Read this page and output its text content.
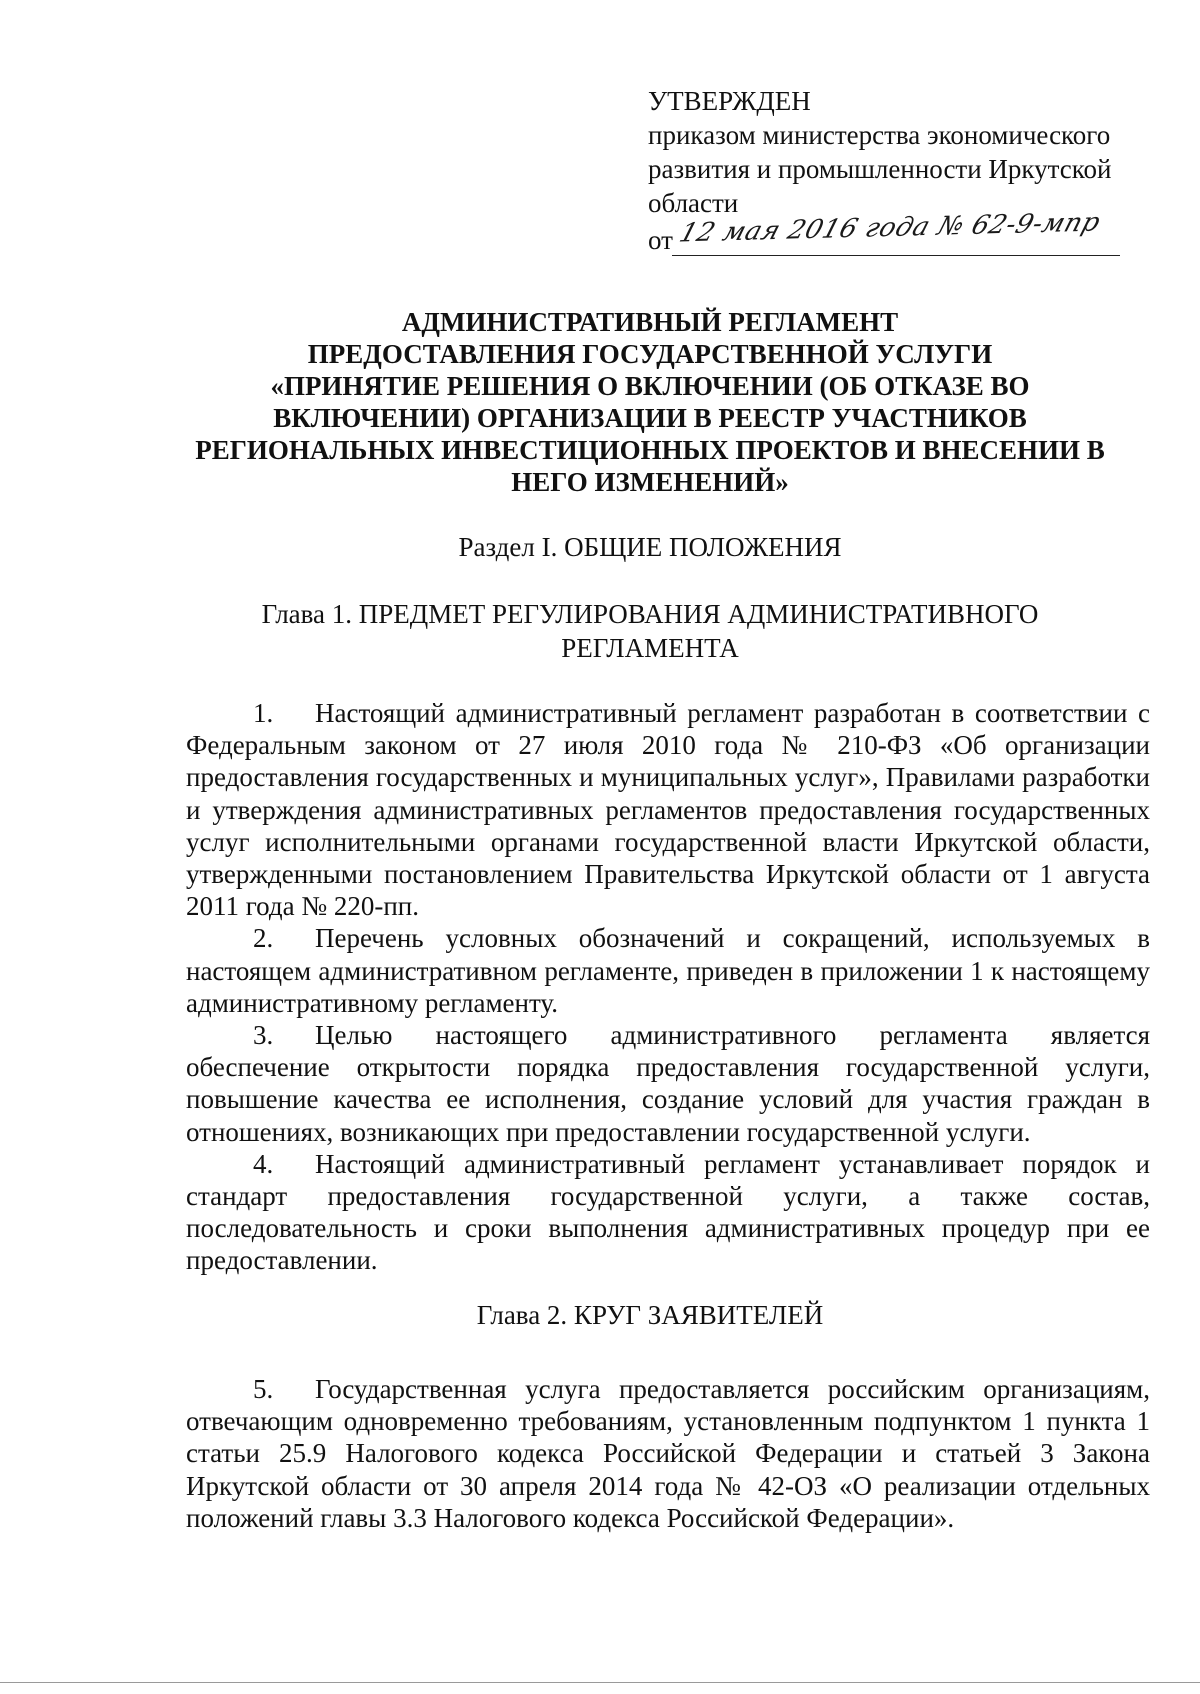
УТВЕРЖДЕН
приказом министерства экономического
развития и промышленности Иркутской
области
от 12 мая 2016 года № 62-9-мпр
АДМИНИСТРАТИВНЫЙ РЕГЛАМЕНТ
ПРЕДОСТАВЛЕНИЯ ГОСУДАРСТВЕННОЙ УСЛУГИ
«ПРИНЯТИЕ РЕШЕНИЯ О ВКЛЮЧЕНИИ (ОБ ОТКАЗЕ ВО
ВКЛЮЧЕНИИ) ОРГАНИЗАЦИИ В РЕЕСТР УЧАСТНИКОВ
РЕГИОНАЛЬНЫХ ИНВЕСТИЦИОННЫХ ПРОЕКТОВ И ВНЕСЕНИИ В
НЕГО ИЗМЕНЕНИЙ»
Раздел I. ОБЩИЕ ПОЛОЖЕНИЯ
Глава 1. ПРЕДМЕТ РЕГУЛИРОВАНИЯ АДМИНИСТРАТИВНОГО
РЕГЛАМЕНТА

1. Настоящий административный регламент разработан в соответствии с Федеральным законом от 27 июля 2010 года № 210-ФЗ «Об организации предоставления государственных и муниципальных услуг», Правилами разработки и утверждения административных регламентов предоставления государственных услуг исполнительными органами государственной власти Иркутской области, утвержденными постановлением Правительства Иркутской области от 1 августа 2011 года № 220-пп.

2. Перечень условных обозначений и сокращений, используемых в настоящем административном регламенте, приведен в приложении 1 к настоящему административному регламенту.

3. Целью настоящего административного регламента является обеспечение открытости порядка предоставления государственной услуги, повышение качества ее исполнения, создание условий для участия граждан в отношениях, возникающих при предоставлении государственной услуги.

4. Настоящий административный регламент устанавливает порядок и стандарт предоставления государственной услуги, а также состав, последовательность и сроки выполнения административных процедур при ее предоставлении.

Глава 2. КРУГ ЗАЯВИТЕЛЕЙ

5. Государственная услуга предоставляется российским организациям, отвечающим одновременно требованиям, установленным подпунктом 1 пункта 1 статьи 25.9 Налогового кодекса Российской Федерации и статьей 3 Закона Иркутской области от 30 апреля 2014 года № 42-ОЗ «О реализации отдельных положений главы 3.3 Налогового кодекса Российской Федерации».
